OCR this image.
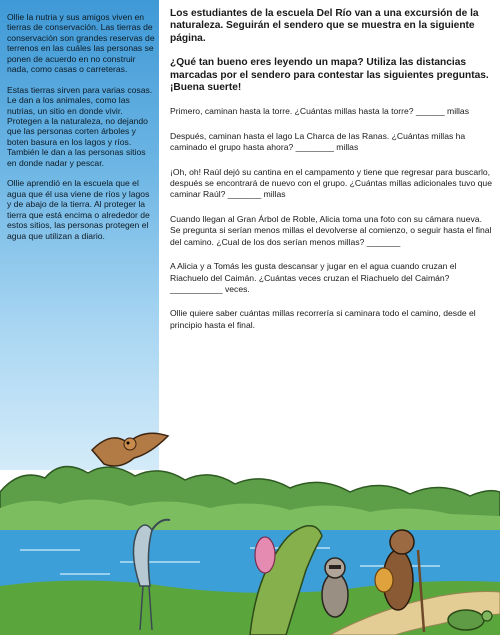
Ollie la nutria y sus amigos viven en tierras de conservación. Las tierras de conservación son grandes reservas de terrenos en las cuáles las personas se ponen de acuerdo en no construir nada, como casas o carreteras.

Estas tierras sirven para varias cosas. Le dan a los animales, como las nutrias, un sitio en donde vivir. Protegen a la naturaleza, no dejando que las personas corten árboles y boten basura en los lagos y ríos. También le dan a las personas sitios en donde nadar y pescar.

Ollie aprendió en la escuela que el agua que él usa viene de ríos y lagos y de abajo de la tierra. Al proteger la tierra que está encima o alrededor de estos sitios, las personas protegen el agua que utilizan a diario.

Los estudiantes de la escuela Del Río van a una excursión de la naturaleza. Seguirán el sendero que se muestra en la siguiente página.

¿Qué tan bueno eres leyendo un mapa? Utiliza las distancias marcadas por el sendero para contestar las siguientes preguntas. ¡Buena suerte!

Primero, caminan hasta la torre. ¿Cuántas millas hasta la torre? ______ millas

Después, caminan hasta el lago La Charca de las Ranas. ¿Cuántas millas ha caminado el grupo hasta ahora? ________ millas

¡Oh, oh! Raúl dejó su cantina en el campamento y tiene que regresar para buscarlo, después se encontrará de nuevo con el grupo. ¿Cuántas millas adicionales tuvo que caminar Raúl? _______ millas

Cuando llegan al Gran Árbol de Roble, Alicia toma una foto con su cámara nueva. Se pregunta si serían menos millas el devolverse al comienzo, o seguir hasta el final del camino. ¿Cual de los dos serían menos millas? _______

A Alicia y a Tomás les gusta descansar y jugar en el agua cuando cruzan el Riachuelo del Caimán. ¿Cuántas veces cruzan el Riachuelo del Caimán? ___________ veces.

Ollie quiere saber cuántas millas recorrería si caminara todo el camino, desde el principio hasta el final.
